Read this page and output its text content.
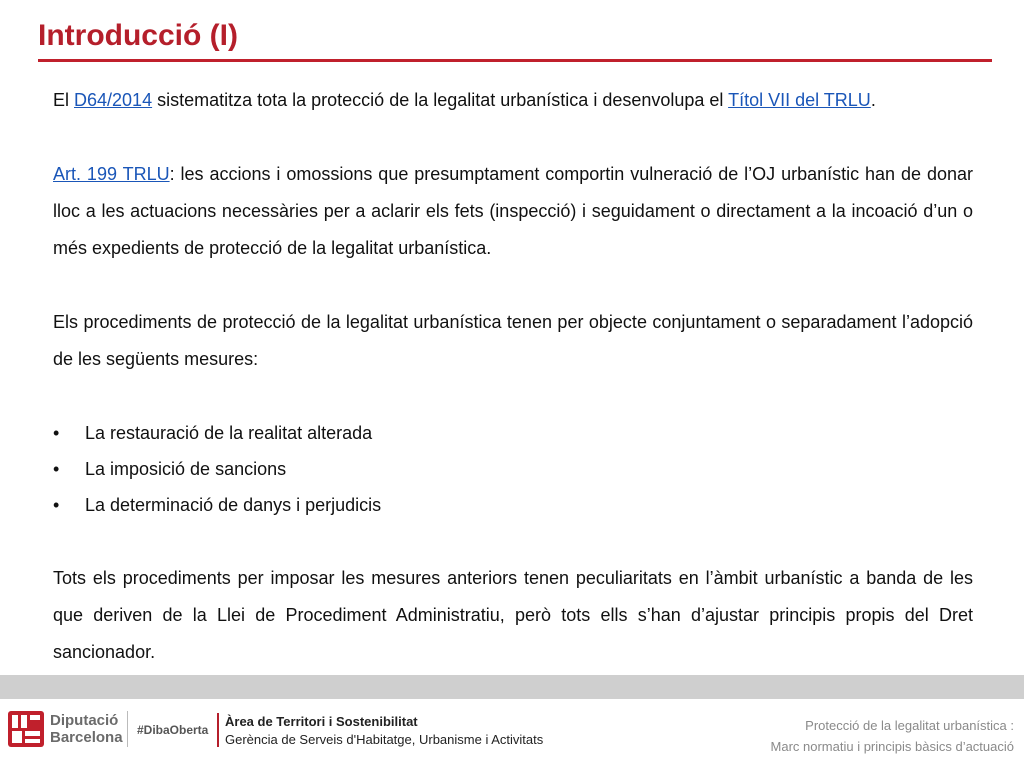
Introducció (I)

El D64/2014 sistematitza tota la protecció de la legalitat urbanística i desenvolupa el Títol VII del TRLU.

Art. 199 TRLU: les accions i omossions que presumptament comportin vulneració de l’OJ urbanístic han de donar lloc a les actuacions necessàries per a aclarir els fets (inspecció) i seguidament o directament a la incoació d’un o més expedients de protecció de la legalitat urbanística.

Els procediments de protecció de la legalitat urbanística tenen per objecte conjuntament o separadament l’adopció de les següents mesures:

• La restauració de la realitat alterada
• La imposició de sancions
• La determinació de danys i perjudicis

Tots els procediments per imposar les mesures anteriors tenen peculiaritats en l’àmbit urbanístic a banda de les que deriven de la Llei de Procediment Administratiu, però tots ells s’han d’ajustar principis propis del Dret sancionador.

Diputació
Barcelona #DibaOberta
Àrea de Territori i Sostenibilitat
Gerència de Serveis d'Habitatge, Urbanisme i Activitats
Protecció de la legalitat urbanística :
Marc normatiu i principis bàsics d’actuació
